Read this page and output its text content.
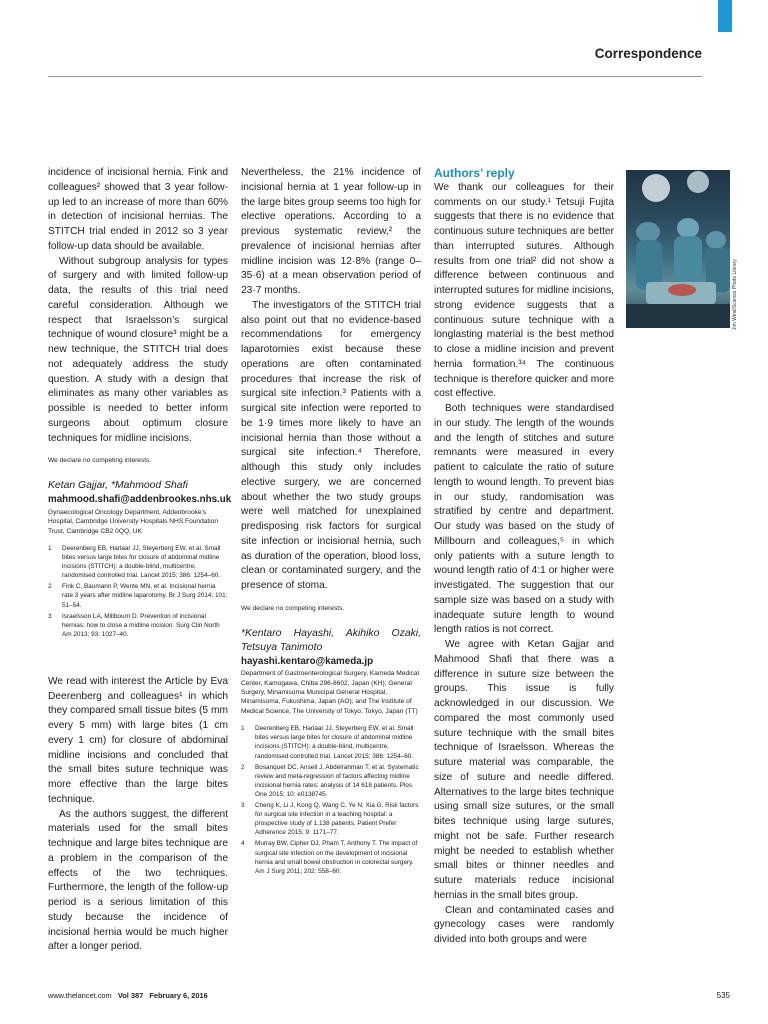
Correspondence

incidence of incisional hernia. Fink and colleagues² showed that 3 year follow-up led to an increase of more than 60% in detection of incisional hernias. The STITCH trial ended in 2012 so 3 year follow-up data should be available.

Without subgroup analysis for types of surgery and with limited follow-up data, the results of this trial need careful consideration. Although we respect that Israelsson’s surgical technique of wound closure³ might be a new technique, the STITCH trial does not adequately address the study question. A study with a design that eliminates as many other variables as possible is needed to better inform surgeons about optimum closure techniques for midline incisions.

We declare no competing interests.

Ketan Gajjar, *Mahmood Shafi

mahmood.shafi@addenbrookes.nhs.uk

Gynaecological Oncology Department, Addenbrooke’s Hospital, Cambridge University Hospitals NHS Foundation Trust, Cambridge CB2 0QQ, UK
1 Deerenberg EB, Harlaar JJ, Steyerberg EW, et al. Small bites versus large bites for closure of abdominal midline incisions (STITCH): a double-blind, multicentre, randomised controlled trial. Lancet 2015; 386: 1254–60.
2 Fink C, Baumann P, Wente MN, et al. Incisional hernia rate 3 years after midline laparotomy. Br J Surg 2014; 101: 51–54.
3 Israelsson LA, Millbourn D. Prevention of incisional hernias: how to close a midline incision. Surg Clin North Am 2013; 93: 1027–40.

We read with interest the Article by Eva Deerenberg and colleagues¹ in which they compared small tissue bites (5 mm every 5 mm) with large bites (1 cm every 1 cm) for closure of abdominal midline incisions and concluded that the small bites suture technique was more effective than the large bites technique.

As the authors suggest, the different materials used for the small bites technique and large bites technique are a problem in the comparison of the effects of the two techniques. Furthermore, the length of the follow-up period is a serious limitation of this study because the incidence of incisional hernia would be much higher after a longer period.

Nevertheless, the 21% incidence of incisional hernia at 1 year follow-up in the large bites group seems too high for elective operations. According to a previous systematic review,² the prevalence of incisional hernias after midline incision was 12·8% (range 0–35·6) at a mean observation period of 23·7 months.

The investigators of the STITCH trial also point out that no evidence-based recommendations for emergency laparotomies exist because these operations are often contaminated procedures that increase the risk of surgical site infection.³ Patients with a surgical site infection were reported to be 1·9 times more likely to have an incisional hernia than those without a surgical site infection.⁴ Therefore, although this study only includes elective surgery, we are concerned about whether the two study groups were well matched for unexplained predisposing risk factors for surgical site infection or incisional hernia, such as duration of the operation, blood loss, clean or contaminated surgery, and the presence of stoma.

We declare no competing interests.

*Kentaro Hayashi, Akihiko Ozaki, Tetsuya Tanimoto

hayashi.kentaro@kameda.jp

Department of Gastroenterological Surgery, Kameda Medical Center, Kamogawa, Chiba 296-8602, Japan (KH); General Surgery, Minamisoma Municipal General Hospital, Minamisoma, Fukushima, Japan (AO); and The Institute of Medical Science, The University of Tokyo, Tokyo, Japan (TT)
1 Deerenberg EB, Harlaar JJ, Steyerberg EW, et al. Small bites versus large bites for closure of abdominal midline incisions (STITCH): a double-blind, multicentre, randomised controlled trial. Lancet 2015; 386: 1254–60.
2 Bosanquet DC, Ansell J, Abdelrahman T, et al. Systematic review and meta-regression of factors affecting midline incisional hernia rates: analysis of 14 618 patients. Plos One 2015; 10: e0138745.
3 Cheng K, Li J, Kong Q, Wang C, Ye N, Xia G. Risk factors for surgical site infection in a teaching hospital: a prospective study of 1,138 patients. Patient Prefer Adherence 2015; 9: 1171–77.
4 Murray BW, Cipher DJ, Pham T, Anthony T. The impact of surgical site infection on the development of incisional hernia and small bowel obstruction in colorectal surgery. Am J Surg 2011; 202: 558–60.

Authors’ reply

We thank our colleagues for their comments on our study.¹ Tetsuji Fujita suggests that there is no evidence that continuous suture techniques are better than interrupted sutures. Although results from one trial² did not show a difference between continuous and interrupted sutures for midline incisions, strong evidence suggests that a continuous suture technique with a longlasting material is the best method to close a midline incision and prevent hernia formation.³⁴ The continuous technique is therefore quicker and more cost effective.

Both techniques were standardised in our study. The length of the wounds and the length of stitches and suture remnants were measured in every patient to calculate the ratio of suture length to wound length. To prevent bias in our study, randomisation was stratified by centre and department. Our study was based on the study of Millbourn and colleagues,⁵ in which only patients with a suture length to wound length ratio of 4:1 or higher were investigated. The suggestion that our sample size was based on a study with inadequate suture length to wound length ratios is not correct.

We agree with Ketan Gajjar and Mahmood Shafi that there was a difference in suture size between the groups. This issue is fully acknowledged in our discussion. We compared the most commonly used suture technique with the small bites technique of Israelsson. Whereas the suture material was comparable, the size of suture and needle differed. Alternatives to the large bites technique using small size sutures, or the small bites technique using large sutures, might not be safe. Further research might be needed to establish whether small bites or thinner needles and suture materials reduce incisional hernias in the small bites group.

Clean and contaminated cases and gynecology cases were randomly divided into both groups and were

Jim West/Science Photo Library
www.thelancet.com Vol 387 February 6, 2016	535
